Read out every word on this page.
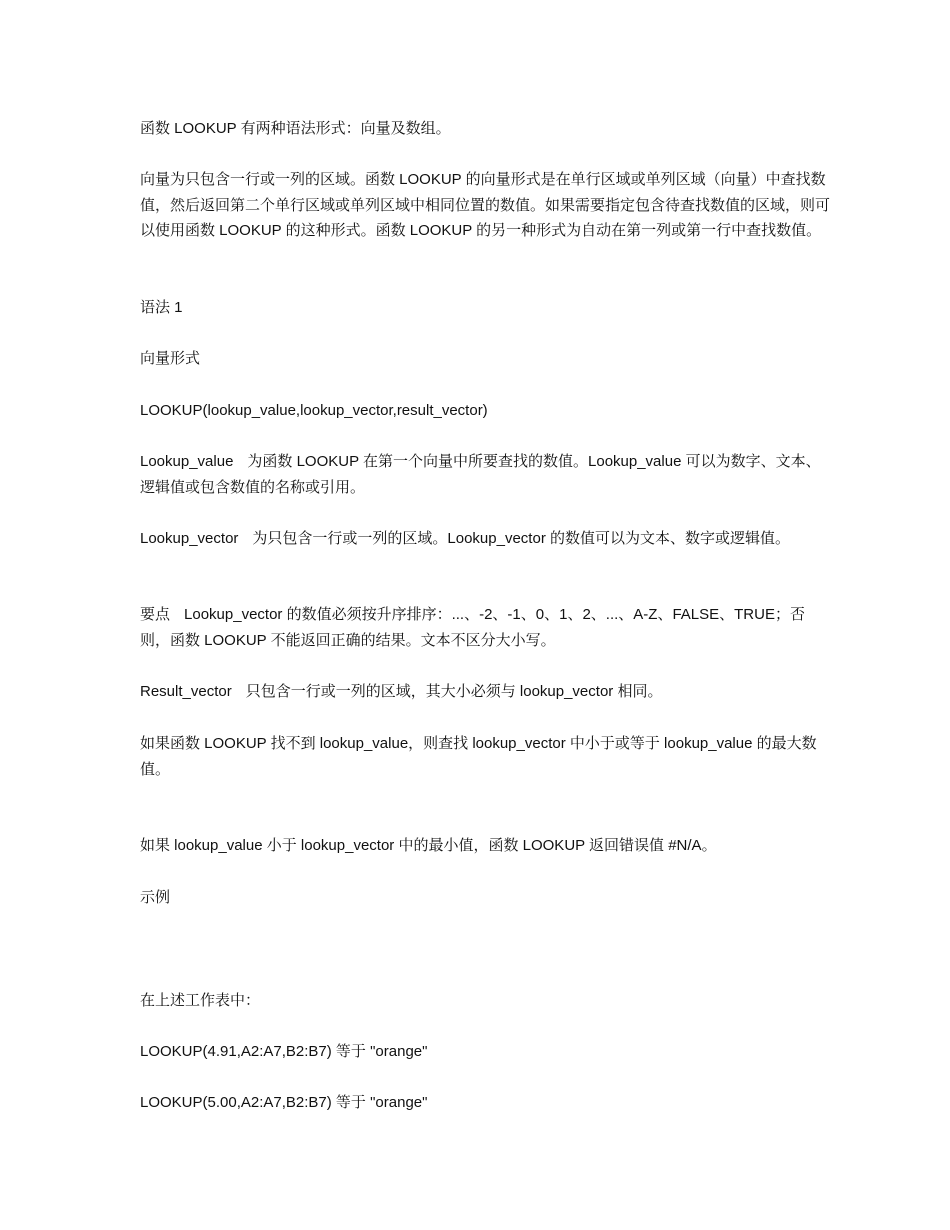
函数 LOOKUP 有两种语法形式：向量及数组。

向量为只包含一行或一列的区域。函数 LOOKUP 的向量形式是在单行区域或单列区域（向量）中查找数值，然后返回第二个单行区域或单列区域中相同位置的数值。如果需要指定包含待查找数值的区域，则可以使用函数 LOOKUP 的这种形式。函数 LOOKUP 的另一种形式为自动在第一列或第一行中查找数值。

语法 1

向量形式

LOOKUP(lookup_value,lookup_vector,result_vector)

Lookup_value 为函数 LOOKUP 在第一个向量中所要查找的数值。Lookup_value 可以为数字、文本、逻辑值或包含数值的名称或引用。

Lookup_vector 为只包含一行或一列的区域。Lookup_vector 的数值可以为文本、数字或逻辑值。

要点 Lookup_vector 的数值必须按升序排序：...、-2、-1、0、1、2、...、A-Z、FALSE、TRUE；否则，函数 LOOKUP 不能返回正确的结果。文本不区分大小写。

Result_vector 只包含一行或一列的区域，其大小必须与 lookup_vector 相同。

如果函数 LOOKUP 找不到 lookup_value，则查找 lookup_vector 中小于或等于 lookup_value 的最大数值。

如果 lookup_value 小于 lookup_vector 中的最小值，函数 LOOKUP 返回错误值 #N/A。

示例

在上述工作表中：

LOOKUP(4.91,A2:A7,B2:B7) 等于 "orange"

LOOKUP(5.00,A2:A7,B2:B7) 等于 "orange"
